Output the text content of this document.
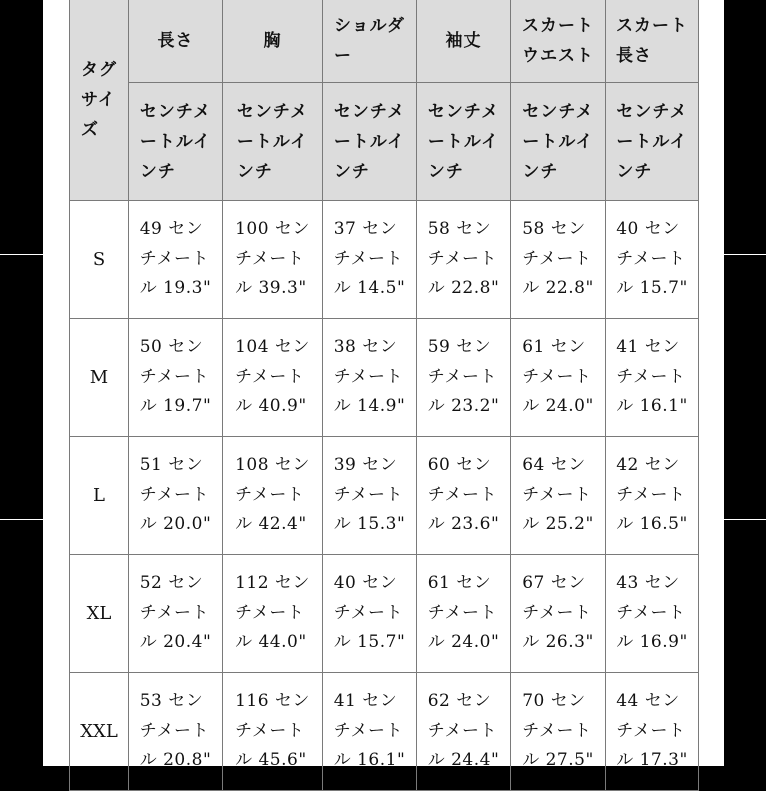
タグ
サイ
ズ	長さ	胸	ショルダ
ー	袖丈	スカート
ウエスト	スカート
長さ
	センチメ
ートルイ
ンチ	センチメ
ートルイ
ンチ	センチメ
ートルイ
ンチ	センチメ
ートルイ
ンチ	センチメ
ートルイ
ンチ	センチメ
ートルイ
ンチ
S	49 セン
チメート
ル 19.3"	100 セン
チメート
ル 39.3"	37 セン
チメート
ル 14.5"	58 セン
チメート
ル 22.8"	58 セン
チメート
ル 22.8"	40 セン
チメート
ル 15.7"
M	50 セン
チメート
ル 19.7"	104 セン
チメート
ル 40.9"	38 セン
チメート
ル 14.9"	59 セン
チメート
ル 23.2"	61 セン
チメート
ル 24.0"	41 セン
チメート
ル 16.1"
L	51 セン
チメート
ル 20.0"	108 セン
チメート
ル 42.4"	39 セン
チメート
ル 15.3"	60 セン
チメート
ル 23.6"	64 セン
チメート
ル 25.2"	42 セン
チメート
ル 16.5"
XL	52 セン
チメート
ル 20.4"	112 セン
チメート
ル 44.0"	40 セン
チメート
ル 15.7"	61 セン
チメート
ル 24.0"	67 セン
チメート
ル 26.3"	43 セン
チメート
ル 16.9"
XXL	53 セン
チメート
ル 20.8"	116 セン
チメート
ル 45.6"	41 セン
チメート
ル 16.1"	62 セン
チメート
ル 24.4"	70 セン
チメート
ル 27.5"	44 セン
チメート
ル 17.3"
